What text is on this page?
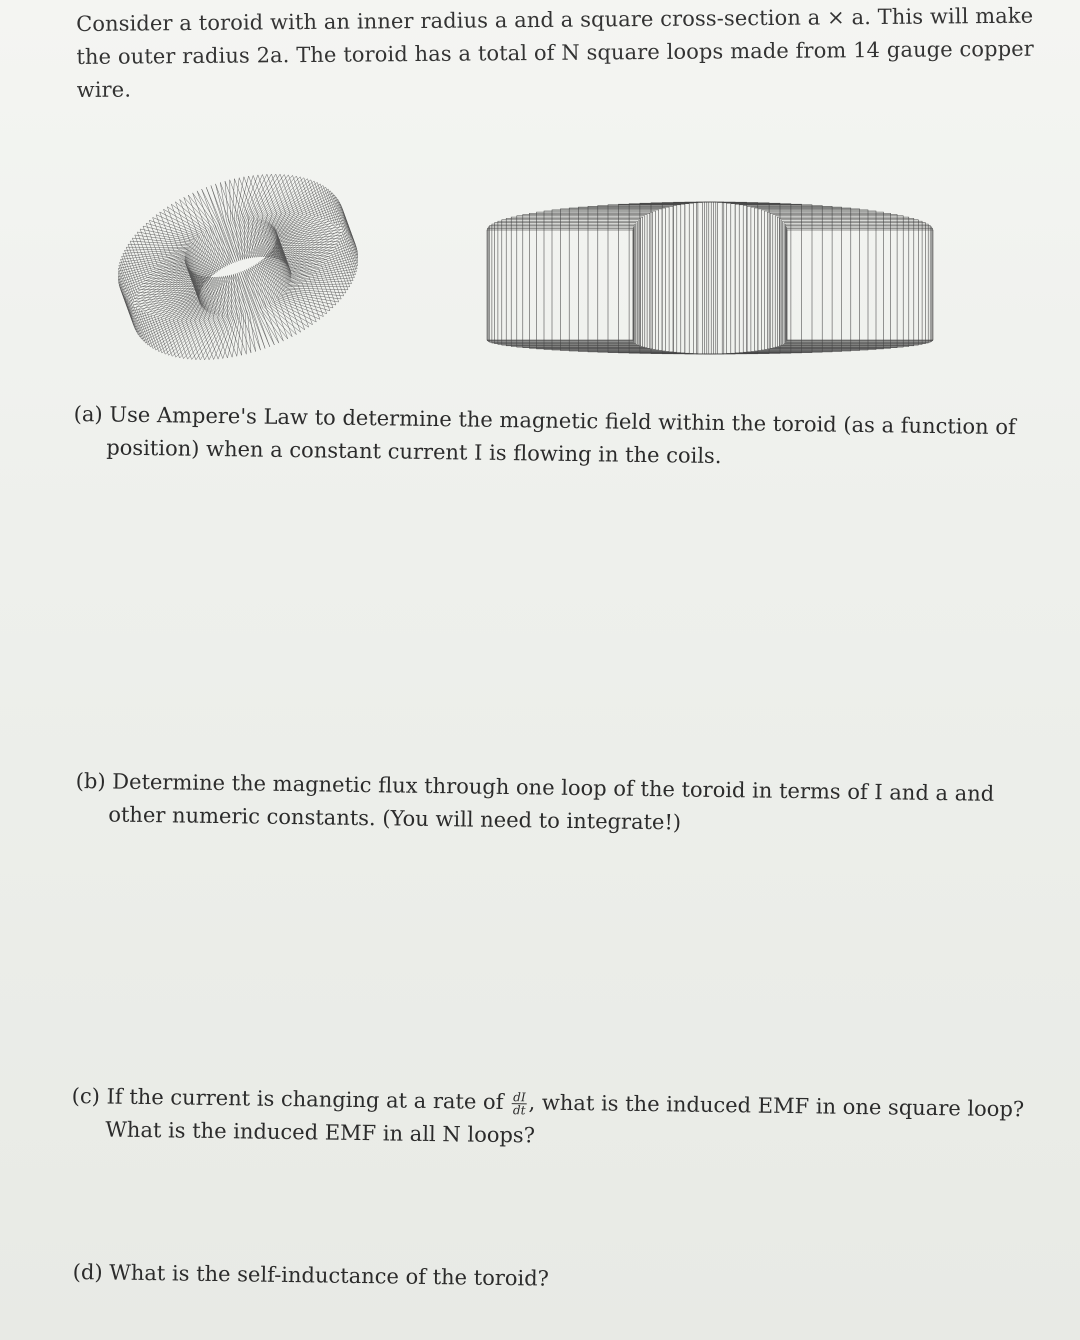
Consider a toroid with an inner radius a and a square cross-section a × a. This will make
the outer radius 2a. The toroid has a total of N square loops made from 14 gauge copper
wire.
(a) Use Ampere's Law to determine the magnetic field within the toroid (as a function of
position) when a constant current I is flowing in the coils.
(b) Determine the magnetic flux through one loop of the toroid in terms of I and a and
other numeric constants. (You will need to integrate!)
(c) If the current is changing at a rate of $\frac{dI}{dt}$ , what is the induced EMF in one square loop?
What is the induced EMF in all N loops?
(d) What is the self-inductance of the toroid?
